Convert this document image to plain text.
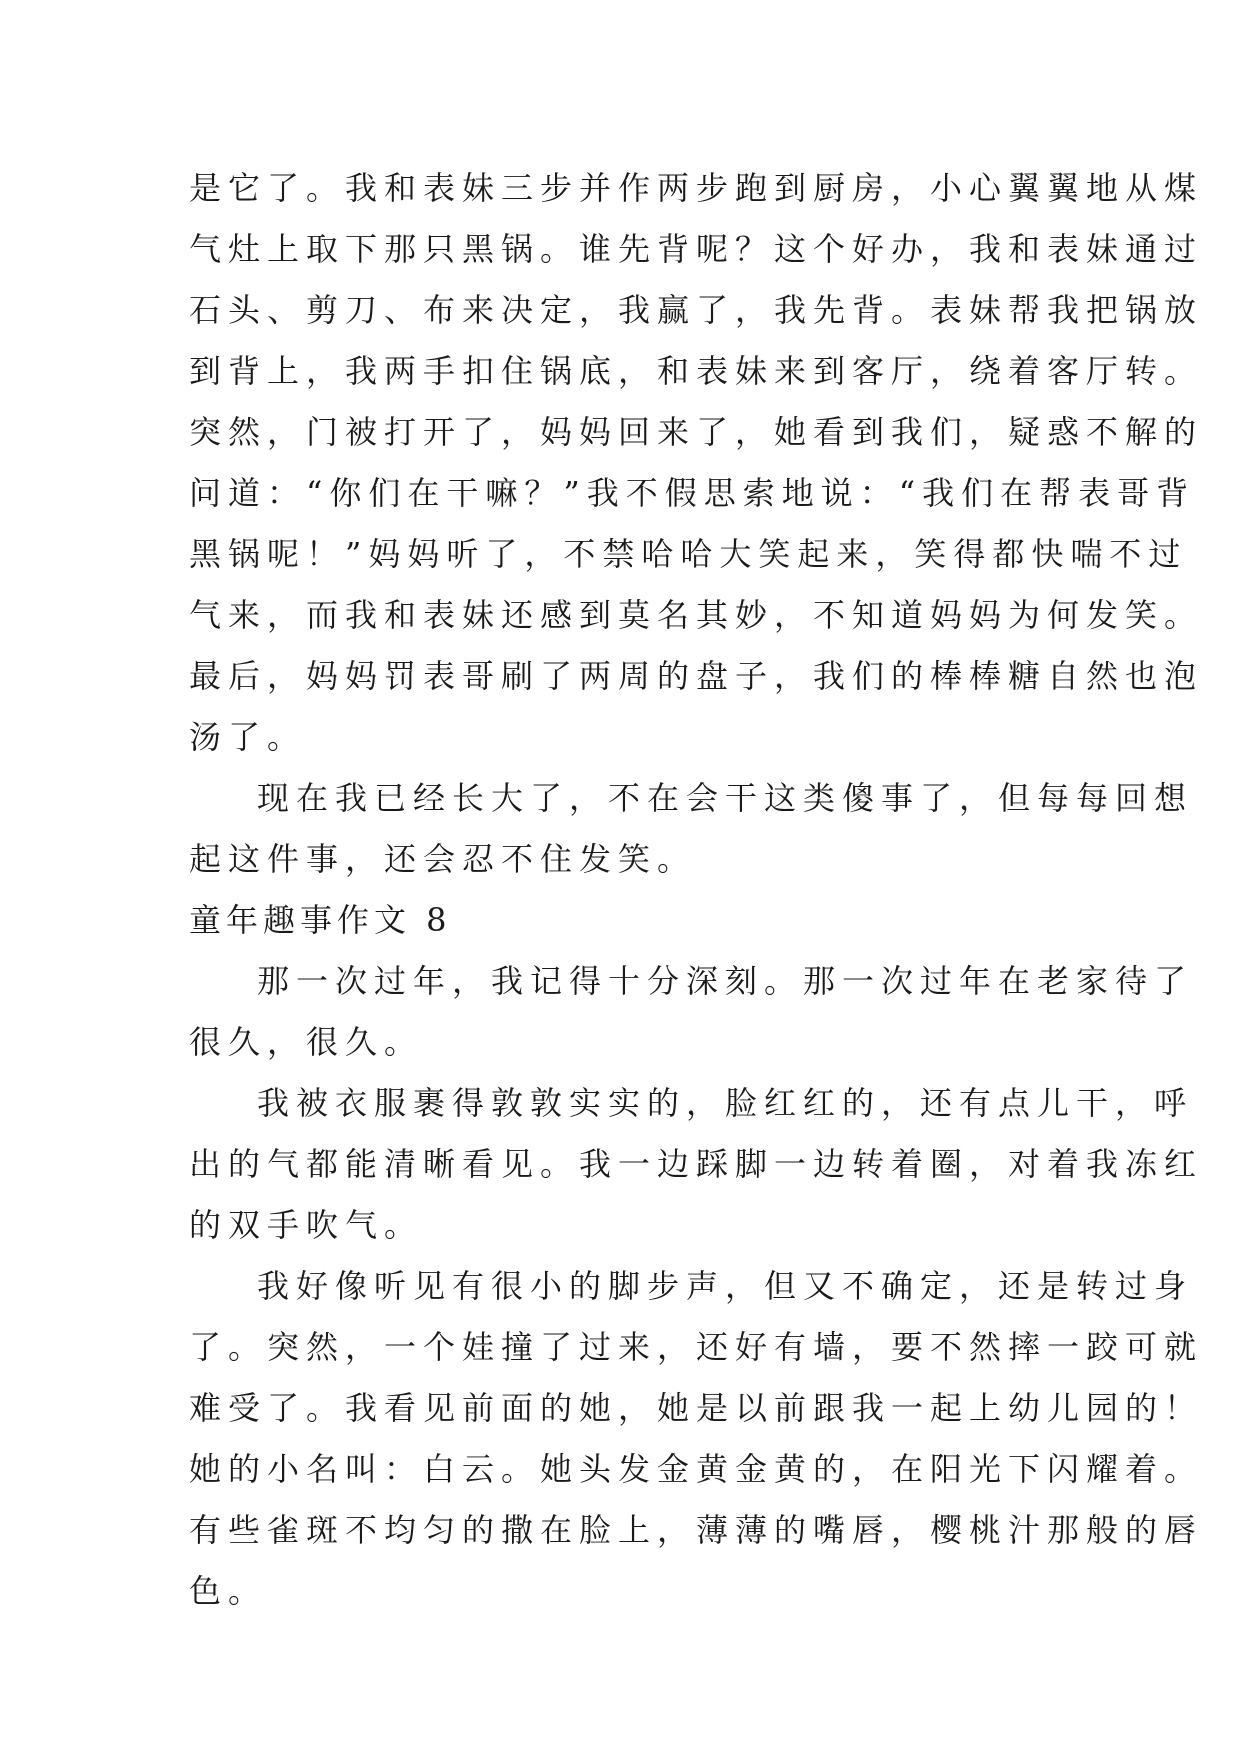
是它了。我和表妹三步并作两步跑到厨房，小心翼翼地从煤
气灶上取下那只黑锅。谁先背呢？这个好办，我和表妹通过
石头、剪刀、布来决定，我赢了，我先背。表妹帮我把锅放
到背上，我两手扣住锅底，和表妹来到客厅，绕着客厅转。
突然，门被打开了，妈妈回来了，她看到我们，疑惑不解的
问道：“你们在干嘛？”我不假思索地说：“我们在帮表哥背
黑锅呢！”妈妈听了，不禁哈哈大笑起来，笑得都快喘不过
气来，而我和表妹还感到莫名其妙，不知道妈妈为何发笑。
最后，妈妈罚表哥刷了两周的盘子，我们的棒棒糖自然也泡
汤了。
现在我已经长大了，不在会干这类傻事了，但每每回想
起这件事，还会忍不住发笑。
童年趣事作文 8
那一次过年，我记得十分深刻。那一次过年在老家待了
很久，很久。
我被衣服裹得敦敦实实的，脸红红的，还有点儿干，呼
出的气都能清晰看见。我一边踩脚一边转着圈，对着我冻红
的双手吹气。
我好像听见有很小的脚步声，但又不确定，还是转过身
了。突然，一个娃撞了过来，还好有墙，要不然摔一跤可就
难受了。我看见前面的她，她是以前跟我一起上幼儿园的！
她的小名叫：白云。她头发金黄金黄的，在阳光下闪耀着。
有些雀斑不均匀的撒在脸上，薄薄的嘴唇，樱桃汁那般的唇
色。
